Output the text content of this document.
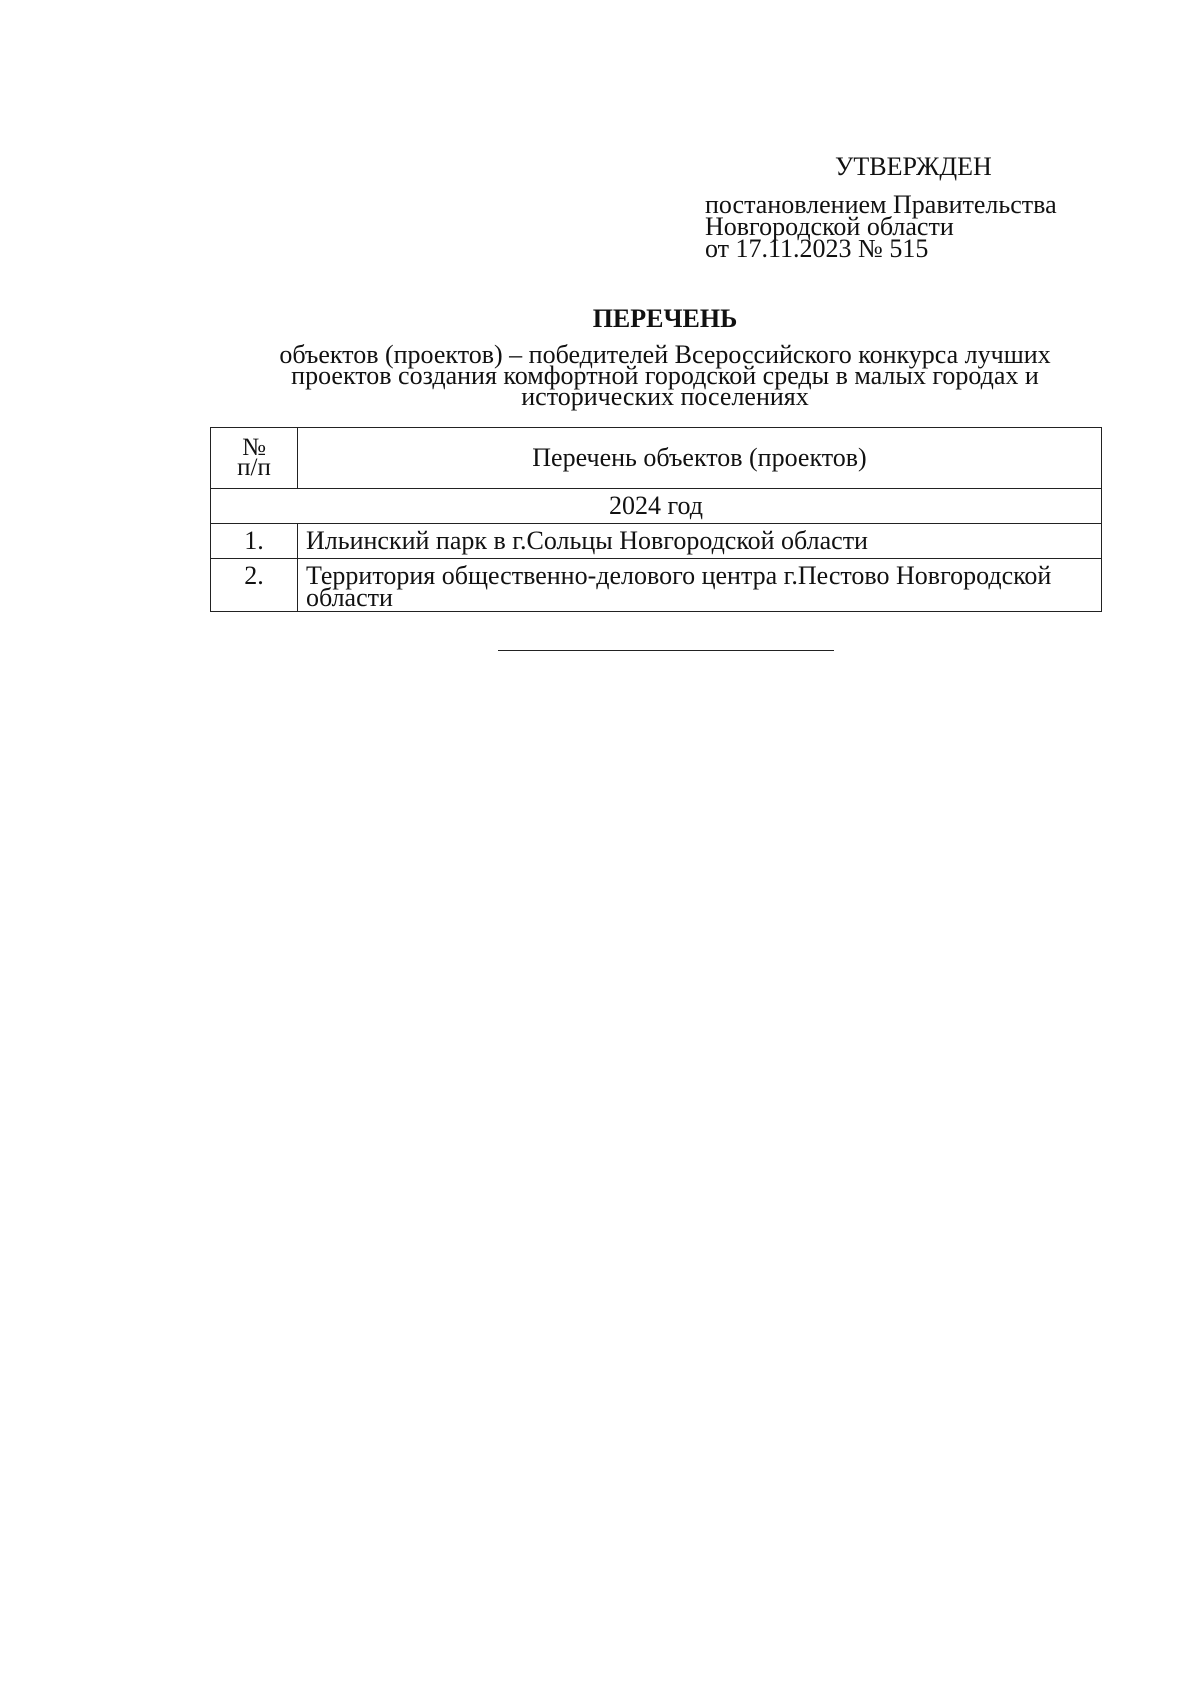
УТВЕРЖДЕН
постановлением Правительства
Новгородской области
от 17.11.2023 № 515
ПЕРЕЧЕНЬ
объектов (проектов) – победителей Всероссийского конкурса лучших
проектов создания комфортной городской среды в малых городах и
исторических поселениях
№
п/п	Перечень объектов (проектов)
2024 год	
1.	Ильинский парк в г.Сольцы Новгородской области
2.	Территория общественно-делового центра г.Пестово Новгородской области
